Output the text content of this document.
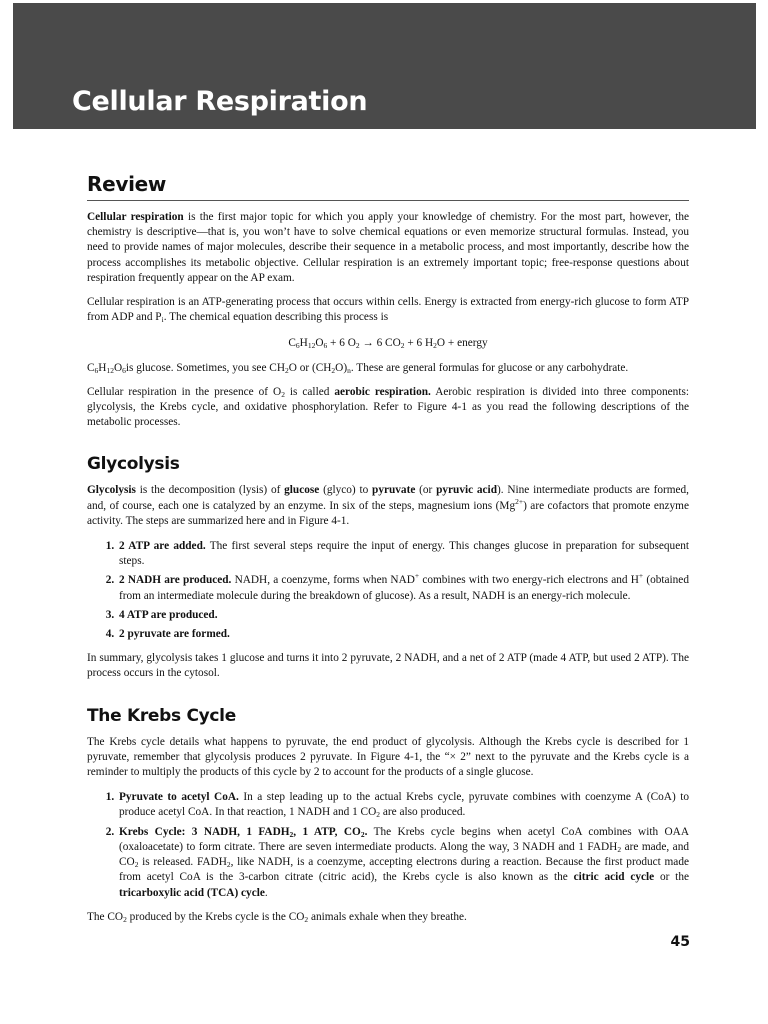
Cellular Respiration
Review

Cellular respiration is the first major topic for which you apply your knowledge of chemistry. For the most part, however, the chemistry is descriptive—that is, you won’t have to solve chemical equations or even memorize structural formulas. Instead, you need to provide names of major molecules, describe their sequence in a metabolic process, and most importantly, describe how the process accomplishes its metabolic objective. Cellular respiration is an extremely important topic; free-response questions about respiration frequently appear on the AP exam.

Cellular respiration is an ATP-generating process that occurs within cells. Energy is extracted from energy-rich glucose to form ATP from ADP and $P_i$. The chemical equation describing this process is

$C_6H_{12}O_6 + 6$ $O_2 \to 6$ $CO_2 + 6$ $H_2O$ + energy

$C_6H_{12}O_6is$ glucose. Sometimes, you see $CH_2O$ or $(CH_2O)_n$. These are general formulas for glucose or any carbohydrate.

Cellular respiration in the presence of $O_2$ is called aerobic respiration. Aerobic respiration is divided into three components: glycolysis, the Krebs cycle, and oxidative phosphorylation. Refer to Figure 4-1 as you read the following descriptions of the metabolic processes.

Glycolysis

Glycolysis is the decomposition (lysis) of glucose (glyco) to pyruvate (or pyruvic acid). Nine intermediate products are formed, and, of course, each one is catalyzed by an enzyme. In six of the steps, magnesium ions $(Mg^{2+})$ are cofactors that promote enzyme activity. The steps are summarized here and in Figure 4-1.

1. 2 ATP are added. The first several steps require the input of energy. This changes glucose in preparation for subsequent steps.
2. 2 NADH are produced. NADH, a coenzyme, forms when NAD+ combines with two energy-rich electrons and H+ (obtained from an intermediate molecule during the breakdown of glucose). As a result, NADH is an energy-rich molecule.
3. 4 ATP are produced.
4. 2 pyruvate are formed.

In summary, glycolysis takes 1 glucose and turns it into 2 pyruvate, 2 NADH, and a net of 2 ATP (made 4 ATP, but used 2 ATP). The process occurs in the cytosol.

The Krebs Cycle

The Krebs cycle details what happens to pyruvate, the end product of glycolysis. Although the Krebs cycle is described for 1 pyruvate, remember that glycolysis produces 2 pyruvate. In Figure 4-1, the “× 2” next to the pyruvate and the Krebs cycle is a reminder to multiply the products of this cycle by 2 to account for the products of a single glucose.

1. Pyruvate to acetyl CoA. In a step leading up to the actual Krebs cycle, pyruvate combines with coenzyme A (CoA) to produce acetyl CoA. In that reaction, 1 NADH and 1 $CO_2$ are also produced.
2. Krebs Cycle: 3 NADH, 1 $FADH_2$, 1 ATP, $CO_2$. The Krebs cycle begins when acetyl CoA combines with OAA (oxaloacetate) to form citrate. There are seven intermediate products. Along the way, 3 NADH and 1 $FADH_2$ are made, and $CO_2$ is released. $FADH_2$, like NADH, is a coenzyme, accepting electrons during a reaction. Because the first product made from acetyl CoA is the 3-carbon citrate (citric acid), the Krebs cycle is also known as the citric acid cycle or the tricarboxylic acid (TCA) cycle.

The $CO_2$ produced by the Krebs cycle is the $CO_2$ animals exhale when they breathe.

45
